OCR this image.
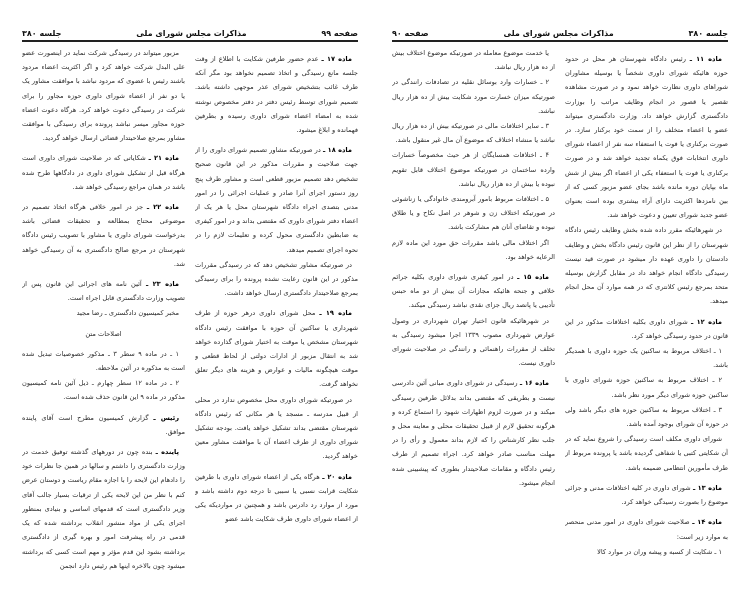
صفحه ۹۹
مذاکرات مجلس شورای ملی
جلسه ۳۸۰

ماده ۱۷ ـ عدم حضور طرفین شکایت با اطلاع از وقت جلسه مانع رسیدگی و اتخاذ تصمیم نخواهد بود مگر آنکه طرف غائب بتشخیص شورای عذر موجهی داشته باشد. تصمیم شورای توسط رئیس دفتر در دفتر مخصوص نوشته شده به امضاء اعضاء شورای داوری رسیده و بطرفین فهمانده و ابلاغ میشود.

ماده ۱۸ ـ در صورتیکه مشاور تصمیم شورای داوری را از جهت صلاحیت و مقررات مذکور در این قانون صحیح تشخیص دهد تصمیم مزبور قطعی است و مشاور ظرف پنج روز دستور اجرای آنرا صادر و عملیات اجرائی را در امور مدنی بتصدی اجراء دادگاه شهرستان محل یا هر یک از اعضاء دفتر شورای داوری که مقتضی بداند و در امور کیفری به ضابطین دادگستری محول کرده و تعلیمات لازم را در نحوه اجرای تصمیم میدهد.

در صورتیکه مشاور تشخیص دهد که در رسیدگی مقررات مذکور در این قانون رعایت نشده پرونده را برای رسیدگی بمرجع صلاحیتدار دادگستری ارسال خواهد داشت.

ماده ۱۹ ـ محل شورای داوری درهر حوزه از طرف شهرداری یا ساکنین آن حوزه با موافقت رئیس دادگاه شهرستان مشخص یا موقت به اختیار شورای گذارده خواهد شد به انتقال مزبور از ادارات دولتی از لحاظ قطعی و موقت هیچگونه مالیات و عوارض و هزینه های دیگر تعلق نخواهد گرفت.

در صورتیکه شورای داوری محل مخصوص ندارد در محلی از قبیل مدرسه ـ مسجد یا هر مکانی که رئیس دادگاه شهرستان مقتضی بداند تشکیل خواهد یافت. بودجه تشکیل شورای داوری از طرف اعضاء آن با موافقت مشاور معین خواهد گردید.

ماده ۲۰ ـ هرگاه یکی از اعضاء شورای داوری با طرفین شکایت قرابت نسبی یا سببی تا درجه دوم داشته باشد و مورد از موارد رد دادرس باشد و همچنین در مواردیکه یکی از اعضاء شورای داوری طرف شکایت باشد عضو

مزبور میتواند در رسیدگی شرکت نماید در اینصورت عضو علی البدل شرکت خواهد کرد و اگر اکثریت اعضاء مردود باشند رئیس با عضوی که مردود نباشد با موافقت مشاور یک یا دو نفر از اعضاء شورای داوری حوزه مجاور را برای شرکت در رسیدگی دعوت خواهد کرد. هرگاه دعوت اعضاء حوزه مجاور میسر نباشد پرونده برای رسیدگی با موافقت مشاور بمرجع صلاحیتدار قضائی ارسال خواهد گردید.

ماده ۲۱ ـ شکایاتی که در صلاحیت شورای داوری است هرگاه قبل از تشکیل شورای داوری در دادگاهها طرح شده باشد در همان مراجع رسیدگی خواهد شد.

ماده ۲۲ ـ جز در امور خلافی هرگاه اتخاذ تصمیم در موضوعی محتاج بمطالعه و تحقیقات قضائی باشد بدرخواست شورای داوری یا مشاور با تصویب رئیس دادگاه شهرستان در مرجع صالح دادگستری به آن رسیدگی خواهد شد.

ماده ۲۳ ـ آئین نامه های اجرائی این قانون پس از تصویب وزارت دادگستری قابل اجراء است.

مخبر کمیسیون دادگستری ـ رضا مجید

اصلاحات متن

۱ ـ در ماده ۹ سطر ۳ ـ مذکور خصوصیات تبدیل شده است به مذکوره در آئین ملاحظه.

۲ ـ در ماده ۱۲ سطر چهارم ـ ذیل آئین نامه کمیسیون مذکور در ماده ۹ این قانون حذف شده است.

رئیس ـ گزارش کمیسیون مطرح است آقای پاینده موافق.

پاینده ـ بنده چون در دورههای گذشته توفیق خدمت در وزارت دادگستری را داشتم و سالها در همین جا نظرات خود را دادهام این لایحه را با اجازه مقام ریاست و دوستان عرض کنم با نظر من این لایحه یکی از ترقیات بسیار جالب آقای وزیر دادگستری است که قدمهای اساسی و بنیادی بمنظور اجرای یکی از مواد منشور انقلاب برداشته شده که یک قدمی در راه پیشرفت امور و بهره گیری از دادگستری برداشته بشود این قدم مؤثر و مهم است کسی که برداشته میشود چون بالاخره اینها هم رئیس دارد انجمن

جلسه ۳۸۰
مذاکرات مجلس شورای ملی
صفحه ۹۰

ماده ۱۱ ـ رئیس دادگاه شهرستان هر محل در حدود حوزه هائیکه شورای داوری شخصاً یا بوسیله مشاوران شوراهای داوری نظارت خواهد نمود و در صورت مشاهده تقصیر یا قصور در انجام وظایف مراتب را بوزارت دادگستری گزارش خواهد داد. وزارت دادگستری میتواند عضو یا اعضاء متخلف را از سمت خود برکنار سازد. در صورت برکناری یا فوت یا استعفاء سه نفر از اعضاء شورای داوری انتخابات فوق یکماه تجدید خواهد شد و در صورت برکناری یا فوت یا استعفاء یکی از اعضاء اگر بیش از شش ماه بپایان دوره مانده باشد بجای عضو مزبور کسی که از بین نامزدها اکثریت دارای آراء بیشتری بوده است بعنوان عضو جدید شورای تعیین و دعوت خواهد شد.

در شهرهائیکه مقرر داده شده بخش وظایف رئیس دادگاه شهرستان را از نظر این قانون رئیس دادگاه بخش و وظایف دادستان را داوری عهده دار میشود در صورت قید نیست رسیدگی دادگاه انجام خواهد داد در مقابل گزارش بوسیله متحد بمرجع رئیس کلانتری که در همه موارد آن محل انجام میدهد.

ماده ۱۲ ـ شورای داوری بکلیه اختلافات مذکور در این قانون در حدود رسیدگی خواهد کرد.

۱ ـ اختلاف مربوط به ساکنین یک حوزه داوری با همدیگر باشد.

۲ ـ اختلاف مربوط به ساکنین حوزه شورای داوری با ساکنین حوزه شورای دیگر مورد نظر باشد.

۳ ـ اختلاف مربوط به ساکنین حوزه های دیگر باشد ولی در حوزه آن شورای بوجود آمده باشد.

شورای داوری مکلف است رسیدگی را شروع نماید که در آن شکایتی کتبی یا شفاهی گردیده باشد یا پرونده مربوط از طرف مأمورین انتظامی ضمیمه باشد.

ماده ۱۳ ـ شورای داوری در کلیه اختلافات مدنی و جزائی موضوع را بصورت رسیدگی خواهد کرد.

ماده ۱۴ ـ صلاحیت شورای داوری در امور مدنی منحصر به موارد زیر است:

۱ ـ شکایت از کسبه و پیشه وران در موارد کالا

یا خدمت موضوع معامله در صورتیکه موضوع اختلاف بیش از ده هزار ریال نباشد.

۲ ـ خسارات وارد بوسائل نقلیه در تصادفات رانندگی در صورتیکه میزان خسارت مورد شکایت بیش از ده هزار ریال نباشد.

۳ ـ سایر اختلافات مالی در صورتیکه بیش از ده هزار ریال نباشد یا منشاء اختلاف که موضوع آن مال غیر منقول باشد.

۴ ـ اختلافات همسایگان از هر حیث مخصوصاً خسارات وارده ساختمان در صورتیکه موضوع اختلاف قابل تقویم نبوده یا بیش از ده هزار ریال نباشد.

۵ ـ اختلافات مربوط بامور آبرومندی خانوادگی یا زناشوئی در صورتیکه اختلاف زن و شوهر در اصل نکاح و یا طلاق نبوده و تقاضای آنان هم مشارکت باشد.

اگر اختلاف مالی باشد مقررات حق مورد این ماده لازم الرعایه خواهد بود.

ماده ۱۵ ـ در امور کیفری شورای داوری بکلیه جرائم خلافی و جنحه هائیکه مجازات آن بیش از دو ماه حبس تأدیبی یا پانصد ریال جزای نقدی نباشد رسیدگی میکند.

در شهرهائیکه قانون اختیار تهران شهرداری در وصول عوارض شهرداری مصوب ۱۳۳۹ اجرا میشود رسیدگی به تخلف از مقررات راهنمائی و رانندگی در صلاحیت شورای داوری نیست.

ماده ۱۶ ـ رسیدگی در شورای داوری مبانی آئین دادرسی نیست و بطریقی که مقتضی بداند بدلائل طرفین رسیدگی میکند و در صورت لزوم اظهارات شهود را استماع کرده و هرگونه تحقیق لازم از قبیل تحقیقات محلی و معاینه محل و جلب نظر کارشناس را که لازم بداند معمول و رأی را در مهلت مناسب صادر خواهد کرد. اجراء تصمیم از طرف رئیس دادگاه و مقامات صلاحیتدار بطوری که پیشبینی شده انجام میشود.
